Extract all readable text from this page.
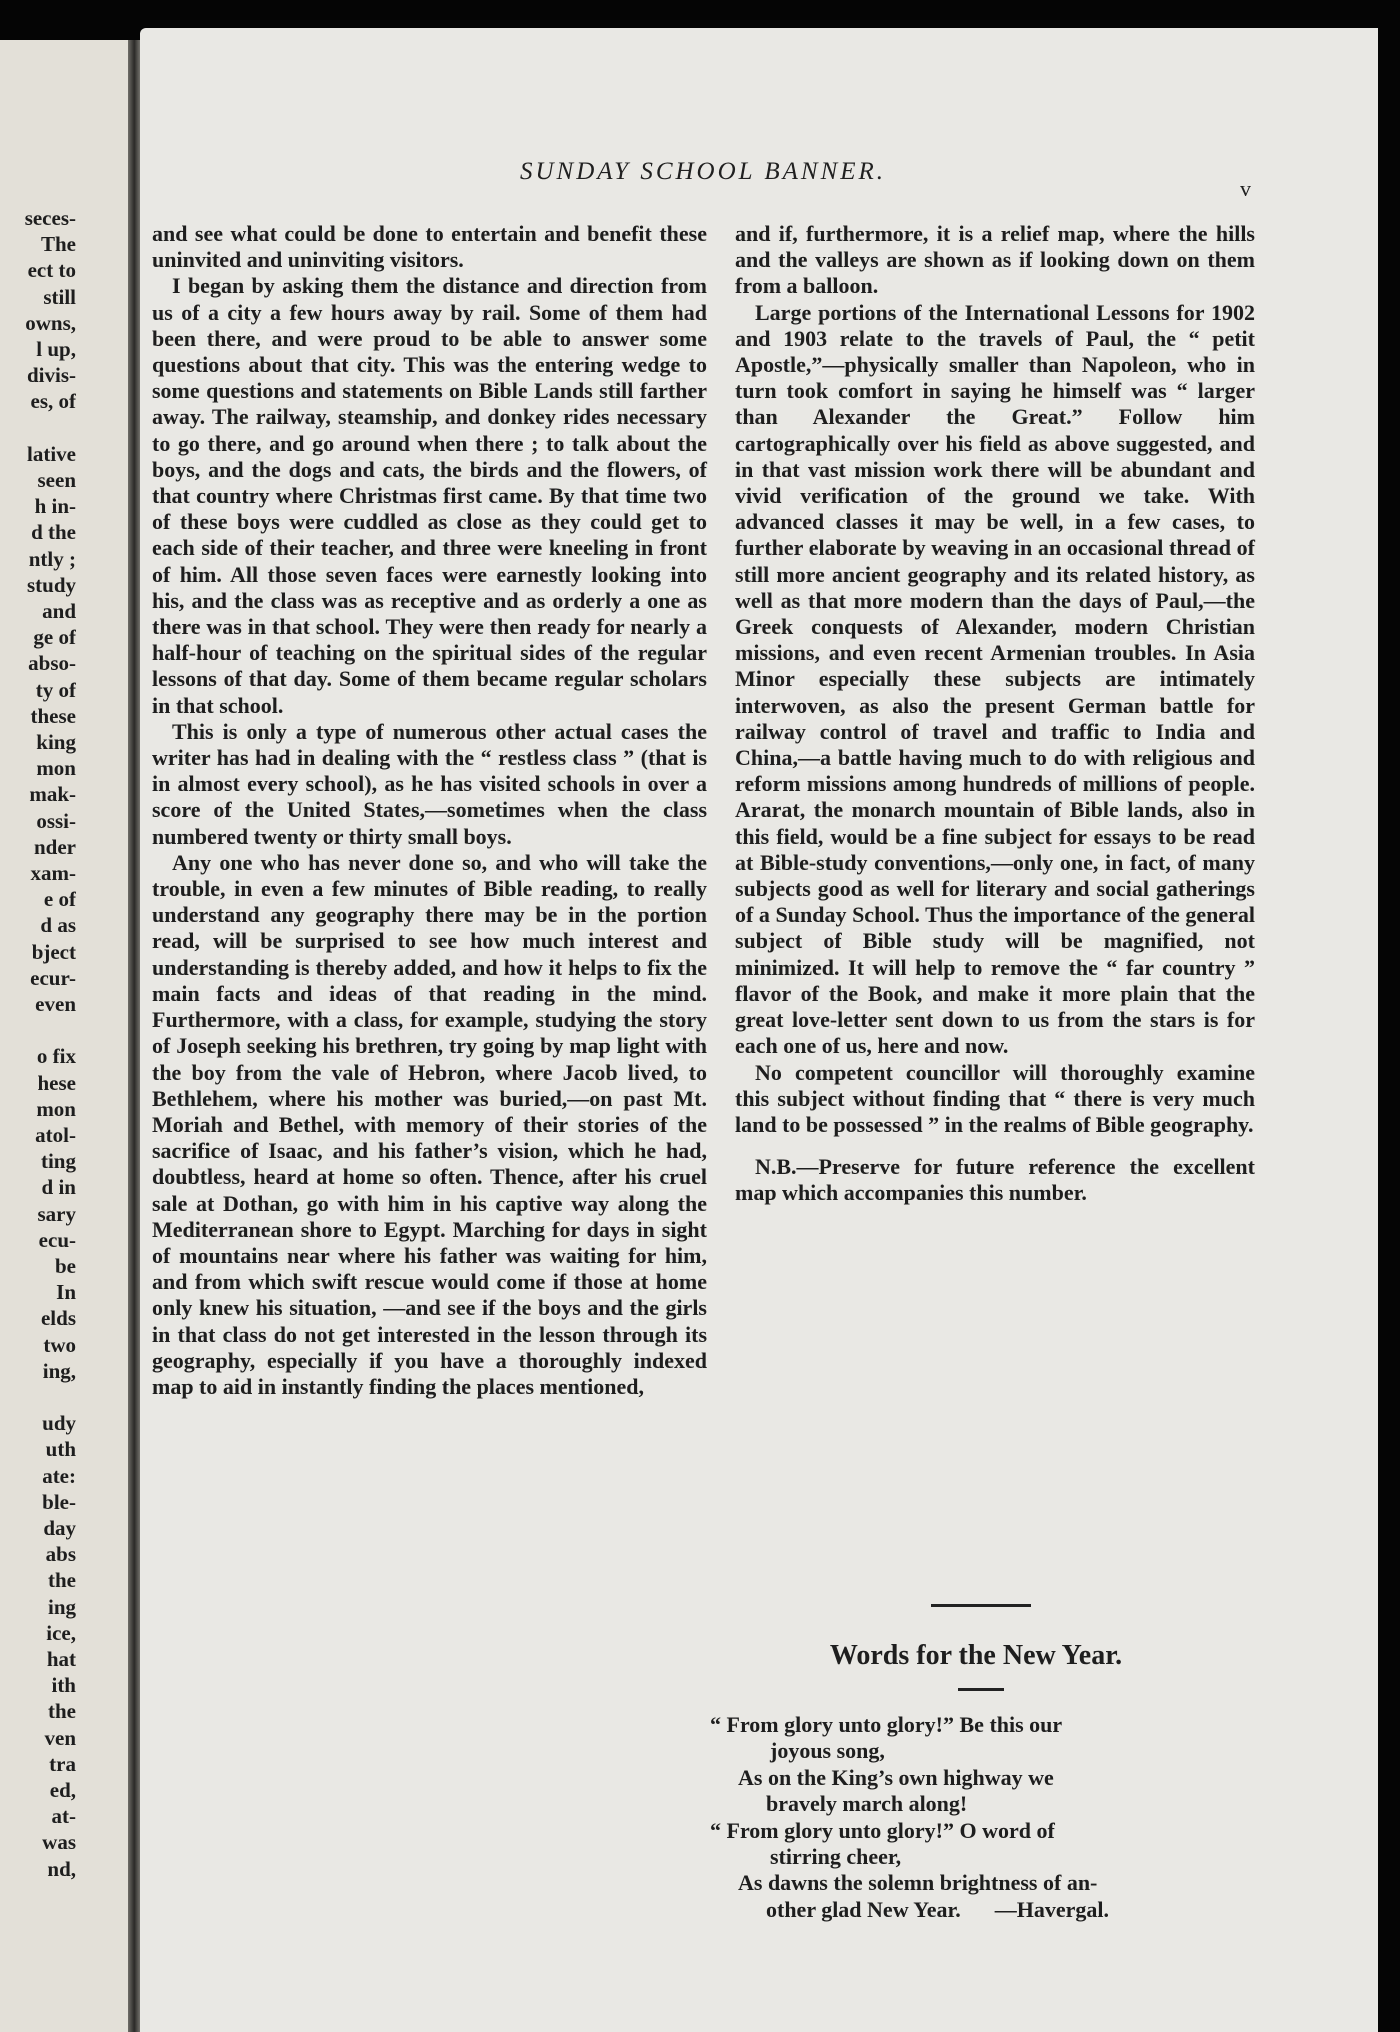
seces-
The
ect to
still
owns,
l up,
divis-
es, of
lative
seen
h in-
d the
ntly ;
study
and
ge of
abso-
ty of
these
king
mon
mak-
ossi-
nder
xam-
e of
d as
bject
ecur-
even
o fix
hese
mon
atol-
ting
d in
sary
ecu-
be
In
elds
two
ing,
udy
uth
ate:
ble-
day
abs
the
ing
ice,
hat
ith
the
ven
tra
ed,
at-
was
nd,
SUNDAY SCHOOL BANNER.
v

and see what could be done to entertain and benefit these uninvited and uninviting visitors.

I began by asking them the distance and direction from us of a city a few hours away by rail. Some of them had been there, and were proud to be able to answer some questions about that city. This was the entering wedge to some questions and statements on Bible Lands still farther away. The railway, steamship, and donkey rides necessary to go there, and go around when there ; to talk about the boys, and the dogs and cats, the birds and the flowers, of that country where Christmas first came. By that time two of these boys were cuddled as close as they could get to each side of their teacher, and three were kneeling in front of him. All those seven faces were earnestly looking into his, and the class was as receptive and as orderly a one as there was in that school. They were then ready for nearly a half-hour of teaching on the spiritual sides of the regular lessons of that day. Some of them became regular scholars in that school.

This is only a type of numerous other actual cases the writer has had in dealing with the “ restless class ” (that is in almost every school), as he has visited schools in over a score of the United States,—sometimes when the class numbered twenty or thirty small boys.

Any one who has never done so, and who will take the trouble, in even a few minutes of Bible reading, to really understand any geography there may be in the portion read, will be surprised to see how much interest and understanding is thereby added, and how it helps to fix the main facts and ideas of that reading in the mind. Furthermore, with a class, for example, studying the story of Joseph seeking his brethren, try going by map light with the boy from the vale of Hebron, where Jacob lived, to Bethlehem, where his mother was buried,—on past Mt. Moriah and Bethel, with memory of their stories of the sacrifice of Isaac, and his father’s vision, which he had, doubtless, heard at home so often. Thence, after his cruel sale at Dothan, go with him in his captive way along the Mediterranean shore to Egypt. Marching for days in sight of mountains near where his father was waiting for him, and from which swift rescue would come if those at home only knew his situation, —and see if the boys and the girls in that class do not get interested in the lesson through its geography, especially if you have a thoroughly indexed map to aid in instantly finding the places mentioned,

and if, furthermore, it is a relief map, where the hills and the valleys are shown as if looking down on them from a balloon.

Large portions of the International Lessons for 1902 and 1903 relate to the travels of Paul, the “ petit Apostle,”—physically smaller than Napoleon, who in turn took comfort in saying he himself was “ larger than Alexander the Great.” Follow him cartographically over his field as above suggested, and in that vast mission work there will be abundant and vivid verification of the ground we take. With advanced classes it may be well, in a few cases, to further elaborate by weaving in an occasional thread of still more ancient geography and its related history, as well as that more modern than the days of Paul,—the Greek conquests of Alexander, modern Christian missions, and even recent Armenian troubles. In Asia Minor especially these subjects are intimately interwoven, as also the present German battle for railway control of travel and traffic to India and China,—a battle having much to do with religious and reform missions among hundreds of millions of people. Ararat, the monarch mountain of Bible lands, also in this field, would be a fine subject for essays to be read at Bible-study conventions,—only one, in fact, of many subjects good as well for literary and social gatherings of a Sunday School. Thus the importance of the general subject of Bible study will be magnified, not minimized. It will help to remove the “ far country ” flavor of the Book, and make it more plain that the great love-letter sent down to us from the stars is for each one of us, here and now.

No competent councillor will thoroughly examine this subject without finding that “ there is very much land to be possessed ” in the realms of Bible geography.

N.B.—Preserve for future reference the excellent map which accompanies this number.

Words for the New Year.
“ From glory unto glory!” Be this our
joyous song,
As on the King’s own highway we
bravely march along!
“ From glory unto glory!” O word of
stirring cheer,
As dawns the solemn brightness of an-
other glad New Year. —Havergal.
